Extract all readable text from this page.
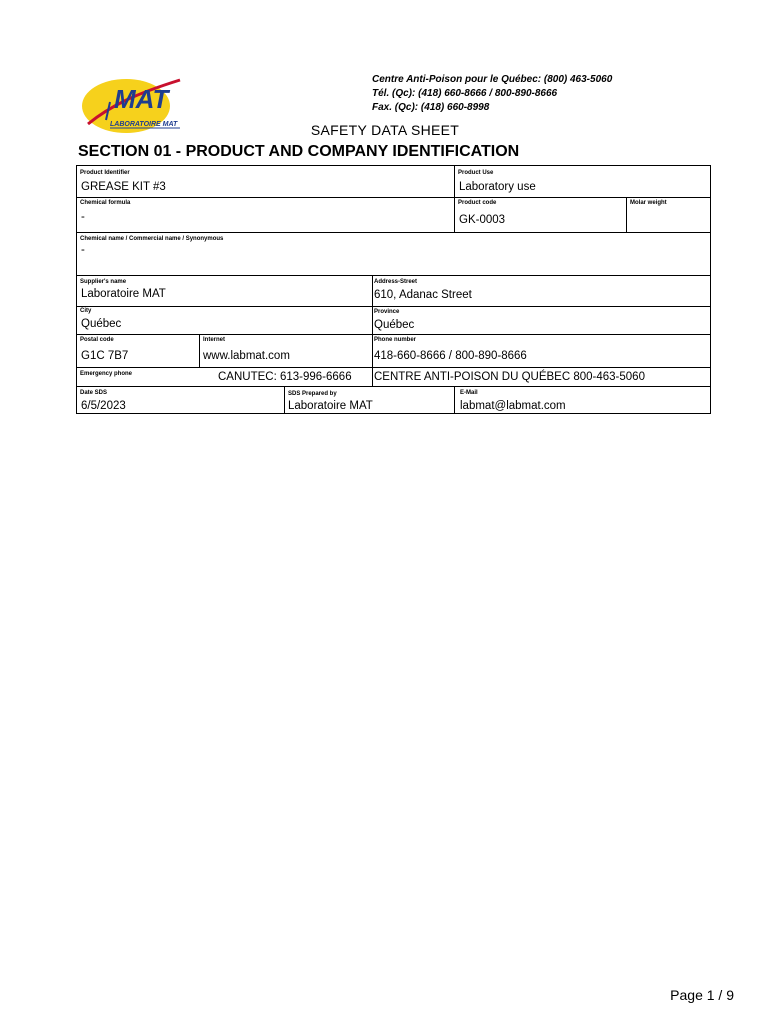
MAT
LABORATOIRE MAT
Centre Anti-Poison pour le Québec: (800) 463-5060
Tél. (Qc): (418) 660-8666 / 800-890-8666
Fax. (Qc): (418) 660-8998
SAFETY DATA SHEET
SECTION 01 - PRODUCT AND COMPANY IDENTIFICATION
Product Identifier
GREASE KIT #3
Product Use
Laboratory use
Chemical formula
-
Product code
GK-0003
Molar weight
Chemical name / Commercial name / Synonymous
-
Supplier's name
Laboratoire MAT
Address-Street
610, Adanac Street
City
Québec
Province
Québec
Postal code
G1C 7B7
Internet
www.labmat.com
Phone number
418-660-8666 / 800-890-8666
Emergency phone	CANUTEC: 613-996-6666 CENTRE ANTI-POISON DU QUÉBEC 800-463-5060
Date SDS
6/5/2023
SDS Prepared by
Laboratoire MAT
E-Mail
labmat@labmat.com
Page 1 / 9
